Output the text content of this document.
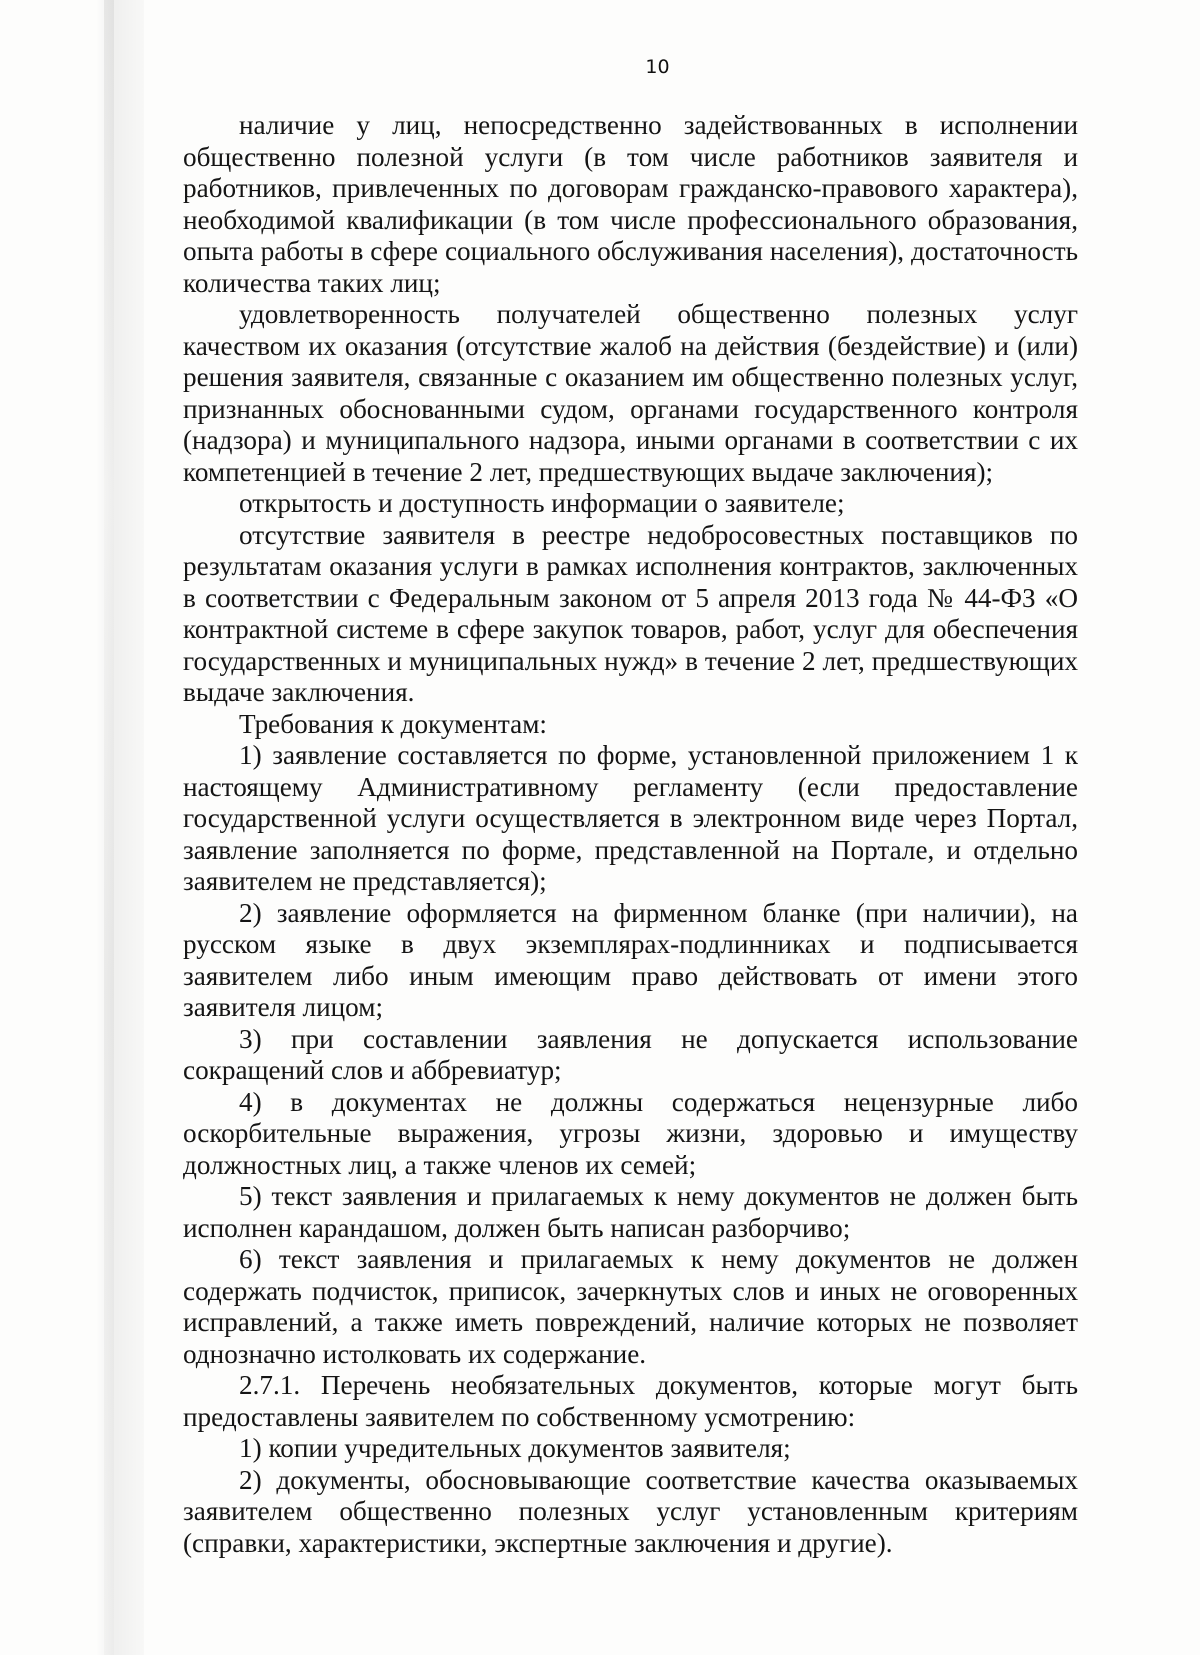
10

наличие у лиц, непосредственно задействованных в исполнении общественно полезной услуги (в том числе работников заявителя и работников, привлеченных по договорам гражданско-правового характера), необходимой квалификации (в том числе профессионального образования, опыта работы в сфере социального обслуживания населения), достаточность количества таких лиц;

удовлетворенность получателей общественно полезных услуг качеством их оказания (отсутствие жалоб на действия (бездействие) и (или) решения заявителя, связанные с оказанием им общественно полезных услуг, признанных обоснованными судом, органами государственного контроля (надзора) и муниципального надзора, иными органами в соответствии с их компетенцией в течение 2 лет, предшествующих выдаче заключения);

открытость и доступность информации о заявителе;

отсутствие заявителя в реестре недобросовестных поставщиков по результатам оказания услуги в рамках исполнения контрактов, заключенных в соответствии с Федеральным законом от 5 апреля 2013 года № 44-ФЗ «О контрактной системе в сфере закупок товаров, работ, услуг для обеспечения государственных и муниципальных нужд» в течение 2 лет, предшествующих выдаче заключения.

Требования к документам:

1) заявление составляется по форме, установленной приложением 1 к настоящему Административному регламенту (если предоставление государственной услуги осуществляется в электронном виде через Портал, заявление заполняется по форме, представленной на Портале, и отдельно заявителем не представляется);

2) заявление оформляется на фирменном бланке (при наличии), на русском языке в двух экземплярах-подлинниках и подписывается заявителем либо иным имеющим право действовать от имени этого заявителя лицом;

3) при составлении заявления не допускается использование сокращений слов и аббревиатур;

4) в документах не должны содержаться нецензурные либо оскорбительные выражения, угрозы жизни, здоровью и имуществу должностных лиц, а также членов их семей;

5) текст заявления и прилагаемых к нему документов не должен быть исполнен карандашом, должен быть написан разборчиво;

6) текст заявления и прилагаемых к нему документов не должен содержать подчисток, приписок, зачеркнутых слов и иных не оговоренных исправлений, а также иметь повреждений, наличие которых не позволяет однозначно истолковать их содержание.

2.7.1. Перечень необязательных документов, которые могут быть предоставлены заявителем по собственному усмотрению:

1) копии учредительных документов заявителя;

2) документы, обосновывающие соответствие качества оказываемых заявителем общественно полезных услуг установленным критериям (справки, характеристики, экспертные заключения и другие).
